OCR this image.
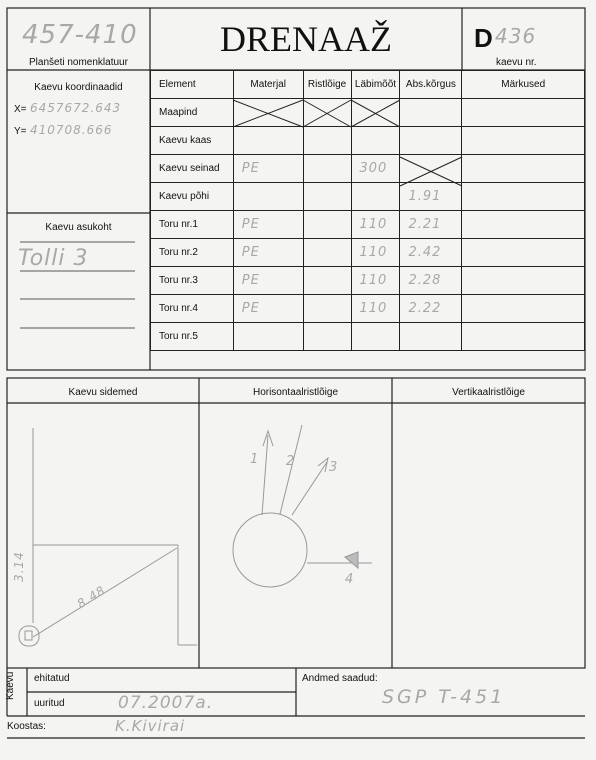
457-410
Planšeti nomenklatuur
DRENAAŽ	D 436
kaevu nr.
Kaevu koordinaadid
X= 6457672.643
Y= 410708.666
Kaevu asukoht
Tolli 3
Element	Materjal	Ristlõige	Läbimõõt	Abs.kõrgus	Märkused
Maapind					
Kaevu kaas					
Kaevu seinad	PE		300		
Kaevu põhi				1.91	
Toru nr.1	PE		110	2.21	
Toru nr.2	PE		110	2.42	
Toru nr.3	PE		110	2.28	
Toru nr.4	PE		110	2.22	
Toru nr.5					
Kaevu sidemed	Horisontaalristlõige	Vertikaalristlõige
3.14
8.48
1 2	3
4
Kaevu ehitatud
uuritud	07.2007a.
Andmed saadud:
SGP T-451
Koostas:	K.Kivirai
